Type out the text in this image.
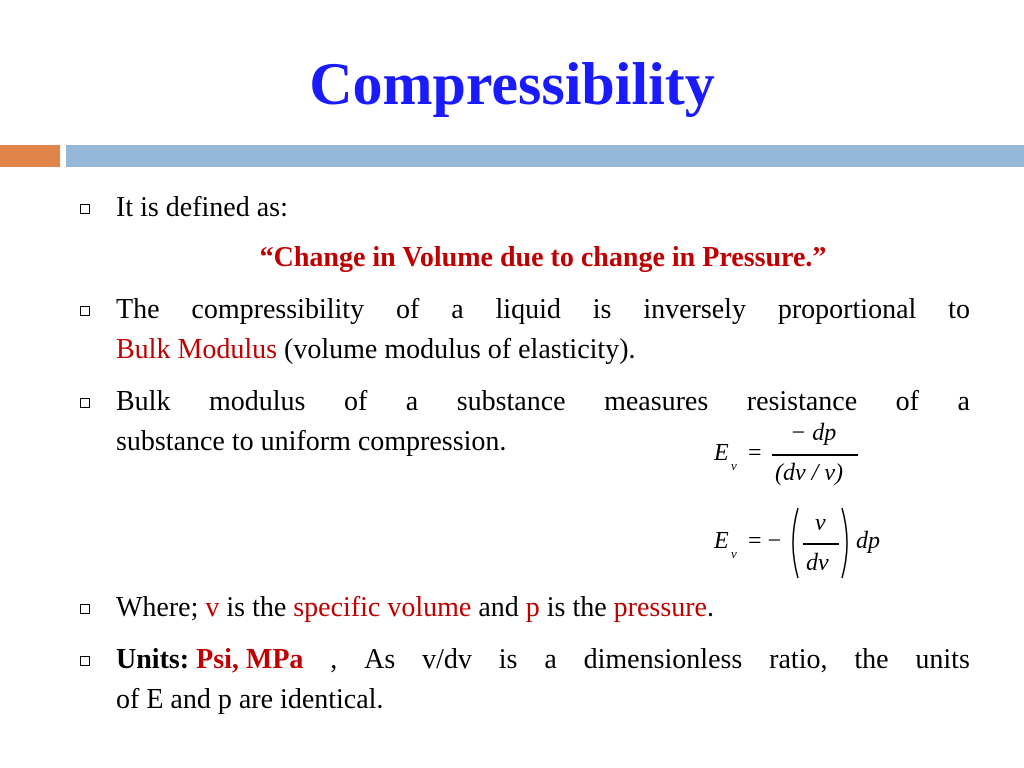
Compressibility
It is defined as:
“Change in Volume due to change in Pressure.”
The compressibility of a liquid is inversely proportional to
Bulk Modulus (volume modulus of elasticity).
Bulk modulus of a substance measures resistance of a
substance to uniform compression.	E v =
− dp
(dv / v)
E v = −
v
dv
dp
Where; v is the specific volume and p is the pressure.
Units: Psi, MPa , As v/dv is a dimensionless ratio, the units
of E and p are identical.
